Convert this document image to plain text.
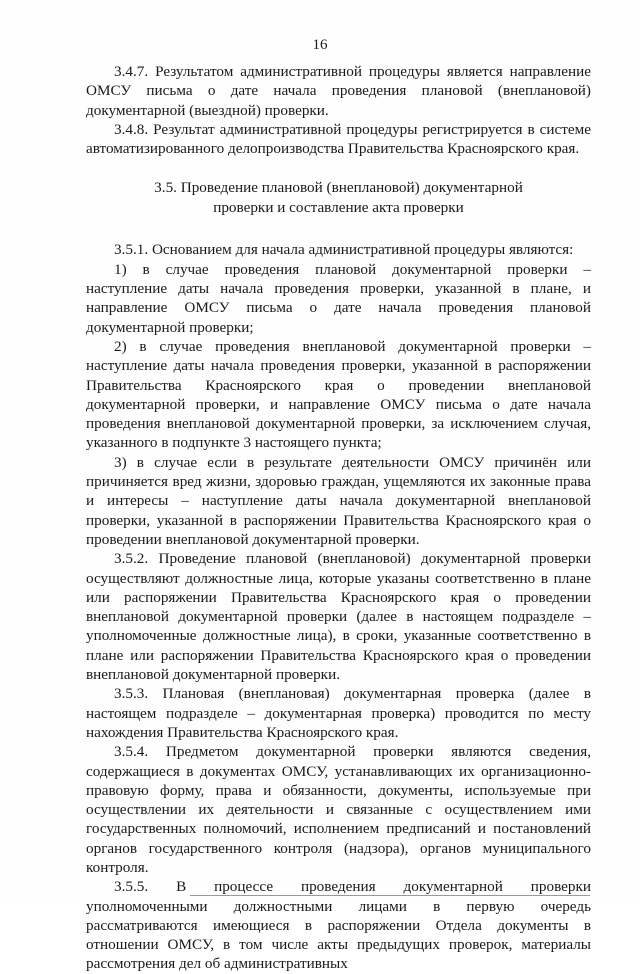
16

3.4.7. Результатом административной процедуры является направление ОМСУ письма о дате начала проведения плановой (внеплановой) документарной (выездной) проверки.

3.4.8. Результат административной процедуры регистрируется в системе автоматизированного делопроизводства Правительства Красноярского края.

3.5. Проведение плановой (внеплановой) документарной
проверки и составление акта проверки

3.5.1. Основанием для начала административной процедуры являются:

1) в случае проведения плановой документарной проверки – наступление даты начала проведения проверки, указанной в плане, и направление ОМСУ письма о дате начала проведения плановой документарной проверки;

2) в случае проведения внеплановой документарной проверки – наступление даты начала проведения проверки, указанной в распоряжении Правительства Красноярского края о проведении внеплановой документарной проверки, и направление ОМСУ письма о дате начала проведения внеплановой документарной проверки, за исключением случая, указанного в подпункте 3 настоящего пункта;

3) в случае если в результате деятельности ОМСУ причинён или причиняется вред жизни, здоровью граждан, ущемляются их законные права и интересы – наступление даты начала документарной внеплановой проверки, указанной в распоряжении Правительства Красноярского края о проведении внеплановой документарной проверки.

3.5.2. Проведение плановой (внеплановой) документарной проверки осуществляют должностные лица, которые указаны соответственно в плане или распоряжении Правительства Красноярского края о проведении внеплановой документарной проверки (далее в настоящем подразделе – уполномоченные должностные лица), в сроки, указанные соответственно в плане или распоряжении Правительства Красноярского края о проведении внеплановой документарной проверки.

3.5.3. Плановая (внеплановая) документарная проверка (далее в настоящем подразделе – документарная проверка) проводится по месту нахождения Правительства Красноярского края.

3.5.4. Предметом документарной проверки являются сведения, содержащиеся в документах ОМСУ, устанавливающих их организационно-правовую форму, права и обязанности, документы, используемые при осуществлении их деятельности и связанные с осуществлением ими государственных полномочий, исполнением предписаний и постановлений органов государственного контроля (надзора), органов муниципального контроля.

3.5.5. В процессе проведения документарной проверки уполномоченными должностными лицами в первую очередь рассматриваются имеющиеся в распоряжении Отдела документы в отношении ОМСУ, в том числе акты предыдущих проверок, материалы рассмотрения дел об административных
